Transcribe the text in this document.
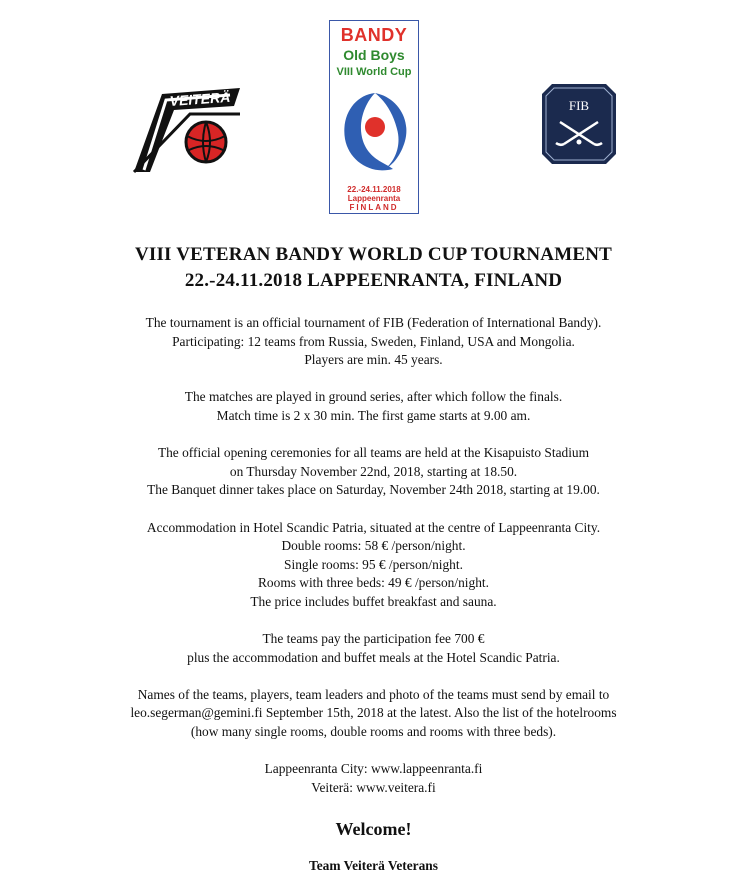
VEITERÄ
BANDY
Old Boys
VIII World Cup
22.-24.11.2018
Lappeenranta
FINLAND
FIB

VIII VETERAN BANDY WORLD CUP TOURNAMENT

22.-24.11.2018 LAPPEENRANTA, FINLAND

The tournament is an official tournament of FIB (Federation of International Bandy).

Participating: 12 teams from Russia, Sweden, Finland, USA and Mongolia.

Players are min. 45 years.

The matches are played in ground series, after which follow the finals.

Match time is 2 x 30 min. The first game starts at 9.00 am.

The official opening ceremonies for all teams are held at the Kisapuisto Stadium

on Thursday November 22nd, 2018, starting at 18.50.

The Banquet dinner takes place on Saturday, November 24th 2018, starting at 19.00.

Accommodation in Hotel Scandic Patria, situated at the centre of Lappeenranta City.

Double rooms: 58 € /person/night.

Single rooms: 95 € /person/night.

Rooms with three beds: 49 € /person/night.

The price includes buffet breakfast and sauna.

The teams pay the participation fee 700 €

plus the accommodation and buffet meals at the Hotel Scandic Patria.

Names of the teams, players, team leaders and photo of the teams must send by email to

leo.segerman@gemini.fi September 15th, 2018 at the latest. Also the list of the hotelrooms

(how many single rooms, double rooms and rooms with three beds).

Lappeenranta City: www.lappeenranta.fi

Veiterä: www.veitera.fi

Welcome!

Team Veiterä Veterans
